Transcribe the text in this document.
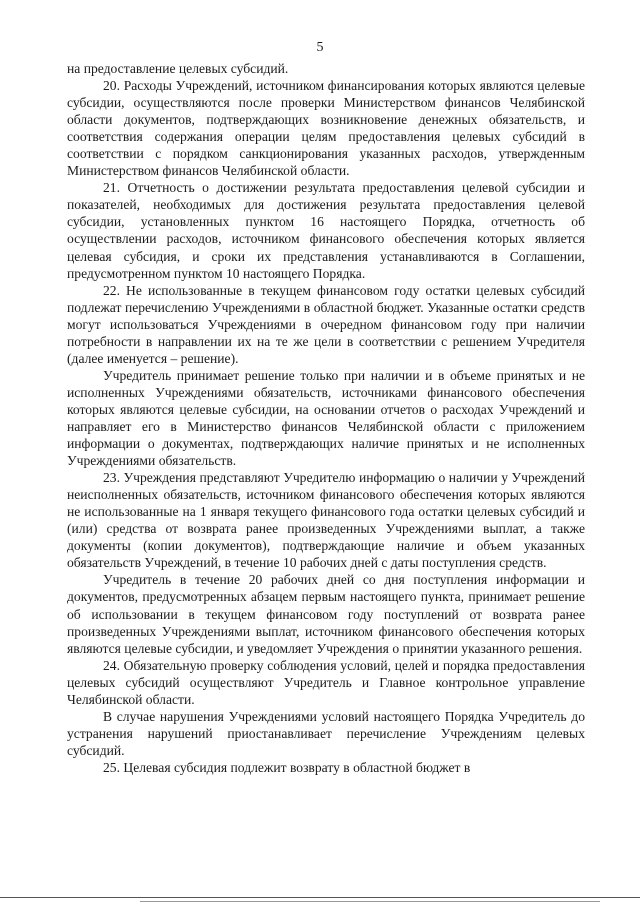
5

на предоставление целевых субсидий.

20. Расходы Учреждений, источником финансирования которых являются целевые субсидии, осуществляются после проверки Министерством финансов Челябинской области документов, подтверждающих возникновение денежных обязательств, и соответствия содержания операции целям предоставления целевых субсидий в соответствии с порядком санкционирования указанных расходов, утвержденным Министерством финансов Челябинской области.

21. Отчетность о достижении результата предоставления целевой субсидии и показателей, необходимых для достижения результата предоставления целевой субсидии, установленных пунктом 16 настоящего Порядка, отчетность об осуществлении расходов, источником финансового обеспечения которых является целевая субсидия, и сроки их представления устанавливаются в Соглашении, предусмотренном пунктом 10 настоящего Порядка.

22. Не использованные в текущем финансовом году остатки целевых субсидий подлежат перечислению Учреждениями в областной бюджет. Указанные остатки средств могут использоваться Учреждениями в очередном финансовом году при наличии потребности в направлении их на те же цели в соответствии с решением Учредителя (далее именуется – решение).

Учредитель принимает решение только при наличии и в объеме принятых и не исполненных Учреждениями обязательств, источниками финансового обеспечения которых являются целевые субсидии, на основании отчетов о расходах Учреждений и направляет его в Министерство финансов Челябинской области с приложением информации о документах, подтверждающих наличие принятых и не исполненных Учреждениями обязательств.

23. Учреждения представляют Учредителю информацию о наличии у Учреждений неисполненных обязательств, источником финансового обеспечения которых являются не использованные на 1 января текущего финансового года остатки целевых субсидий и (или) средства от возврата ранее произведенных Учреждениями выплат, а также документы (копии документов), подтверждающие наличие и объем указанных обязательств Учреждений, в течение 10 рабочих дней с даты поступления средств.

Учредитель в течение 20 рабочих дней со дня поступления информации и документов, предусмотренных абзацем первым настоящего пункта, принимает решение об использовании в текущем финансовом году поступлений от возврата ранее произведенных Учреждениями выплат, источником финансового обеспечения которых являются целевые субсидии, и уведомляет Учреждения о принятии указанного решения.

24. Обязательную проверку соблюдения условий, целей и порядка предоставления целевых субсидий осуществляют Учредитель и Главное контрольное управление Челябинской области.

В случае нарушения Учреждениями условий настоящего Порядка Учредитель до устранения нарушений приостанавливает перечисление Учреждениям целевых субсидий.

25. Целевая субсидия подлежит возврату в областной бюджет в
